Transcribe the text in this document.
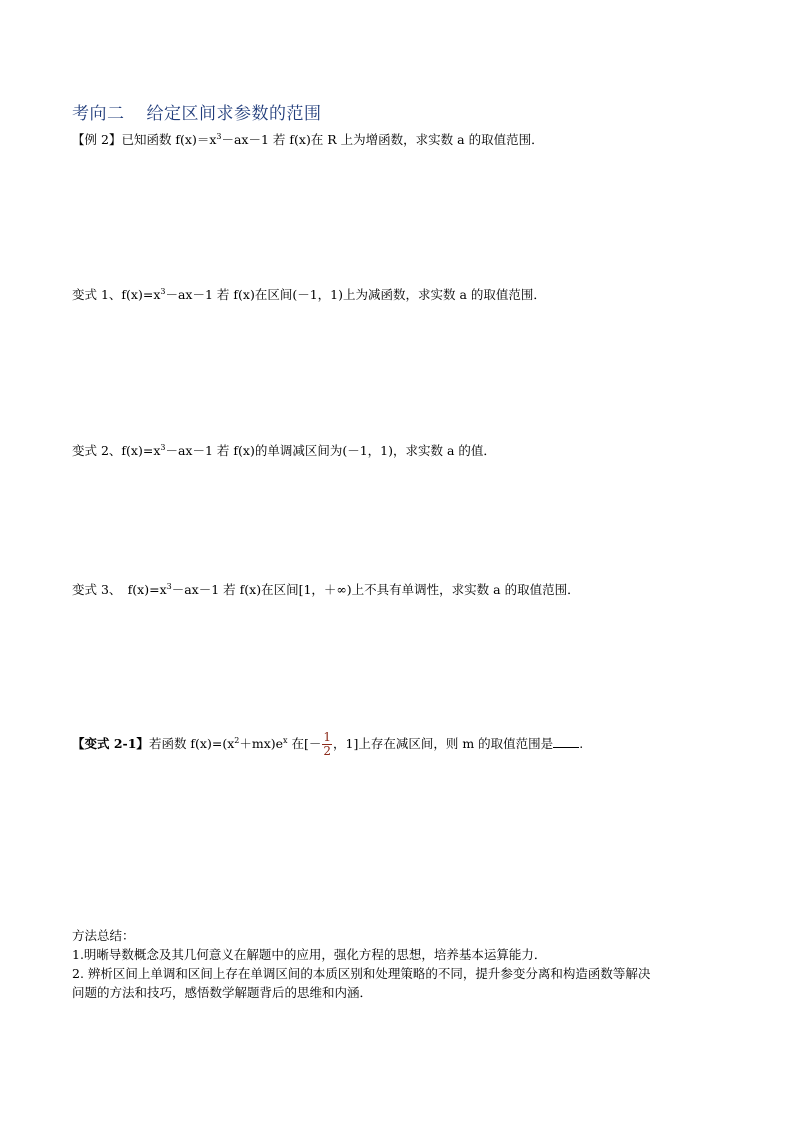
考向二 给定区间求参数的范围
【例 2】已知函数 $f(x)=x^3-ax-1$ 若 f(x)在 R 上为增函数，求实数 a 的取值范围．
变式 1、$f(x)=x^3-ax-1$ 若 f(x)在区间(－1，1)上为减函数，求实数 a 的取值范围．
变式 2、$f(x)=x^3-ax-1$ 若 f(x)的单调减区间为(－1，1)，求实数 a 的值．
变式 3、　$f(x)=x^3-ax-1$ 若 f(x)在区间[1，＋∞)上不具有单调性，求实数 a 的取值范围．
【变式 2-1】若函数 $f(x)=(x^2+mx)e^x$ 在[－ $\frac{1}{2}$ ，1]上存在减区间，则 m 的取值范围是 .
方法总结：
1.明晰导数概念及其几何意义在解题中的应用，强化方程的思想，培养基本运算能力．
2. 辨析区间上单调和区间上存在单调区间的本质区别和处理策略的不同，提升参变分离和构造函数等解决
问题的方法和技巧，感悟数学解题背后的思维和内涵．
